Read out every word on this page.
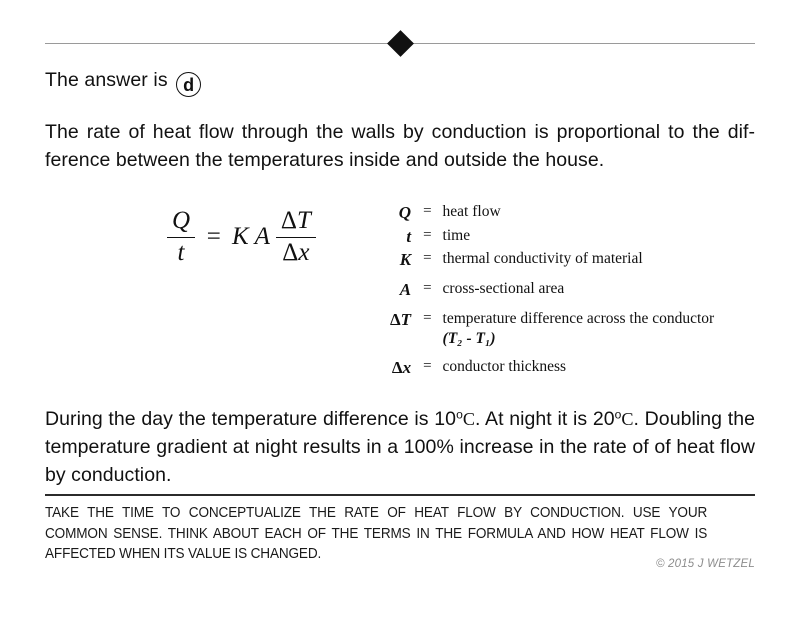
The answer is d
The rate of heat flow through the walls by conduction is proportional to the dif- ference between the temperatures inside and outside the house.
$\frac{Q}{t} = K$ A $\frac{\Delta T}{\Delta x}$	Q	=	heat flow
t	=	time
K	=	thermal conductivity of material
A	=	cross-sectional area
ΔT	=	temperature difference across the conductor
(T₂ - T₁)
Δx	=	conductor thickness
During the day the temperature difference is 10$^o$C. At night it is 20$^o$C. Doubling the temperature gradient at night results in a 100% increase in the rate of of heat flow by conduction.
TAKE THE TIME TO CONCEPTUALIZE THE RATE OF HEAT FLOW BY CONDUCTION. USE YOUR COMMON SENSE. THINK ABOUT EACH OF THE TERMS IN THE FORMULA AND HOW HEAT FLOW IS AFFECTED WHEN ITS VALUE IS CHANGED.
© 2015 J WETZEL
